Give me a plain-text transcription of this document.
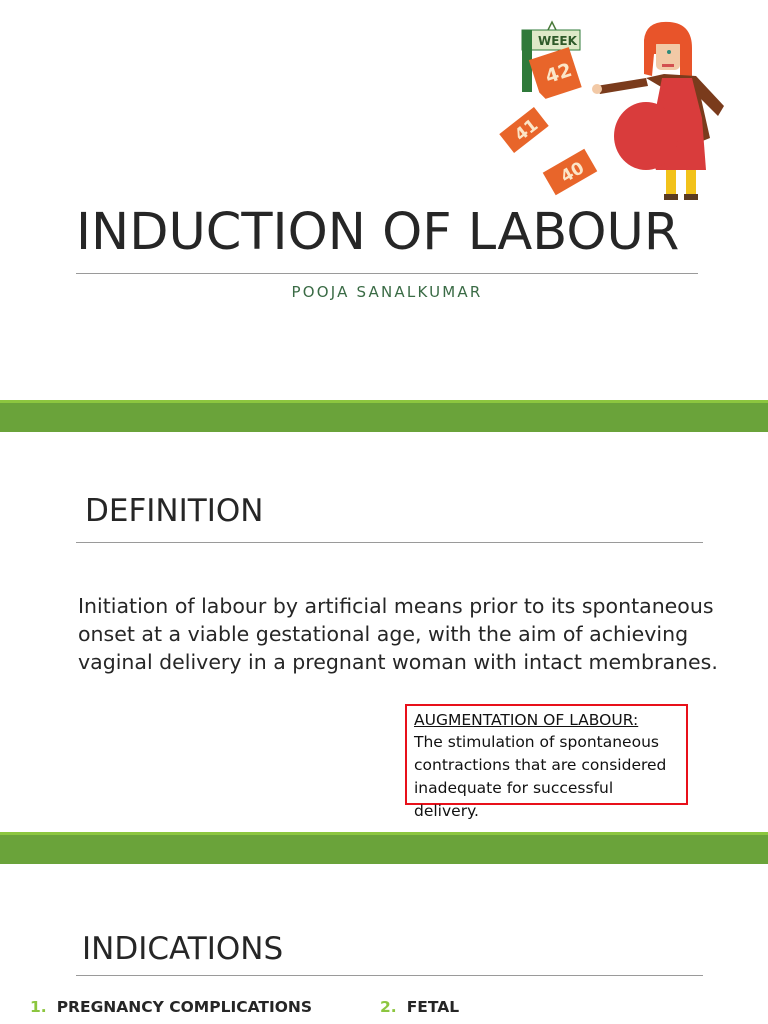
WEEK
42
41
40
INDUCTION OF LABOUR
POOJA SANALKUMAR
DEFINITION
Initiation of labour by artificial means prior to its spontaneous onset at a viable gestational age, with the aim of achieving vaginal delivery in a pregnant woman with intact membranes.
AUGMENTATION OF LABOUR:
The stimulation of spontaneous contractions that are considered inadequate for successful delivery.
INDICATIONS
1. PREGNANCY COMPLICATIONS	2. FETAL
